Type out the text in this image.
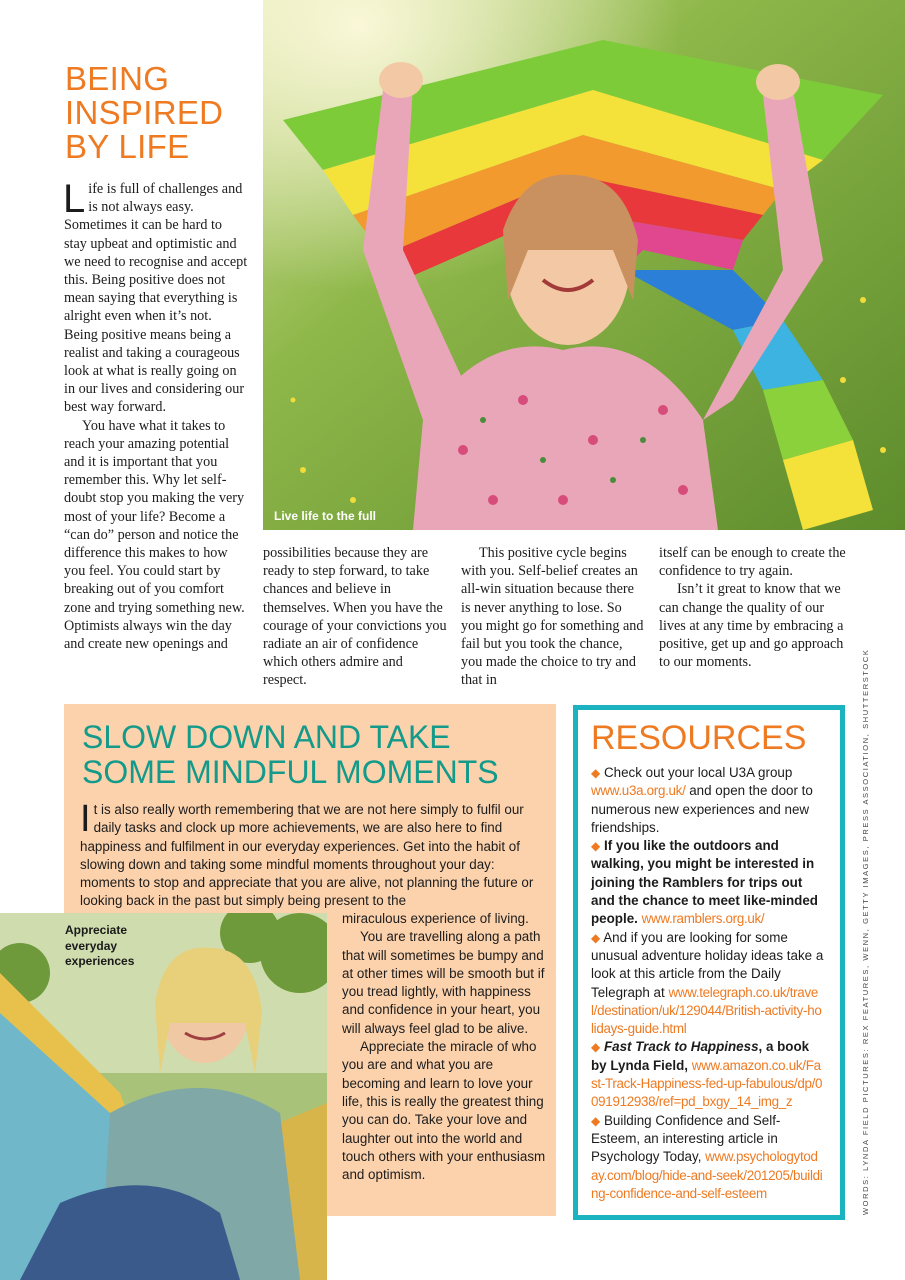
BEING
INSPIRED
BY LIFE

Life is full of challenges and is not always easy. Sometimes it can be hard to stay upbeat and optimistic and we need to recognise and accept this. Being positive does not mean saying that everything is alright even when it’s not. Being positive means being a realist and taking a courageous look at what is really going on in our lives and considering our best way forward.

You have what it takes to reach your amazing potential and it is important that you remember this. Why let self-doubt stop you making the very most of your life? Become a “can do” person and notice the difference this makes to how you feel. You could start by breaking out of you comfort zone and trying something new. Optimists always win the day and create new openings and

Live life to the full

possibilities because they are ready to step forward, to take chances and believe in themselves. When you have the courage of your convictions you radiate an air of confidence which others admire and respect.

This positive cycle begins with you. Self-belief creates an all-win situation because there is never anything to lose. So you might go for something and fail but you took the chance, you made the choice to try and that in

itself can be enough to create the confidence to try again.

Isn’t it great to know that we can change the quality of our lives at any time by embracing a positive, get up and go approach to our moments.

SLOW DOWN AND TAKE
SOME MINDFUL MOMENTS

It is also really worth remembering that we are not here simply to fulfil our daily tasks and clock up more achievements, we are also here to find happiness and fulfilment in our everyday experiences. Get into the habit of slowing down and taking some mindful moments throughout your day: moments to stop and appreciate that you are alive, not planning the future or looking back in the past but simply being present to the

Appreciate
everyday
experiences

miraculous experience of living.

You are travelling along a path that will sometimes be bumpy and at other times will be smooth but if you tread lightly, with happiness and confidence in your heart, you will always feel glad to be alive.

Appreciate the miracle of who you are and what you are becoming and learn to love your life, this is really the greatest thing you can do. Take your love and laughter out into the world and touch others with your enthusiasm and optimism.

RESOURCES

◆ Check out your local U3A group www.u3a.org.uk/ and open the door to numerous new experiences and new friendships.

◆ If you like the outdoors and walking, you might be interested in joining the Ramblers for trips out and the chance to meet like-minded people. www.ramblers.org.uk/

◆ And if you are looking for some unusual adventure holiday ideas take a look at this article from the Daily Telegraph at www.telegraph.co.uk/travel/destination/uk/129044/British-activity-holidays-guide.html

◆ Fast Track to Happiness, a book by Lynda Field, www.amazon.co.uk/Fast-Track-Happiness-fed-up-fabulous/dp/0091912938/ref=pd_bxgy_14_img_z

◆ Building Confidence and Self-Esteem, an interesting article in Psychology Today, www.psychologytoday.com/blog/hide-and-seek/201205/building-confidence-and-self-esteem	WORDS: LYNDA FIELD PICTURES: REX FEATURES, WENN, GETTY IMAGES, PRESS ASSOCIATION, SHUTTERSTOCK
